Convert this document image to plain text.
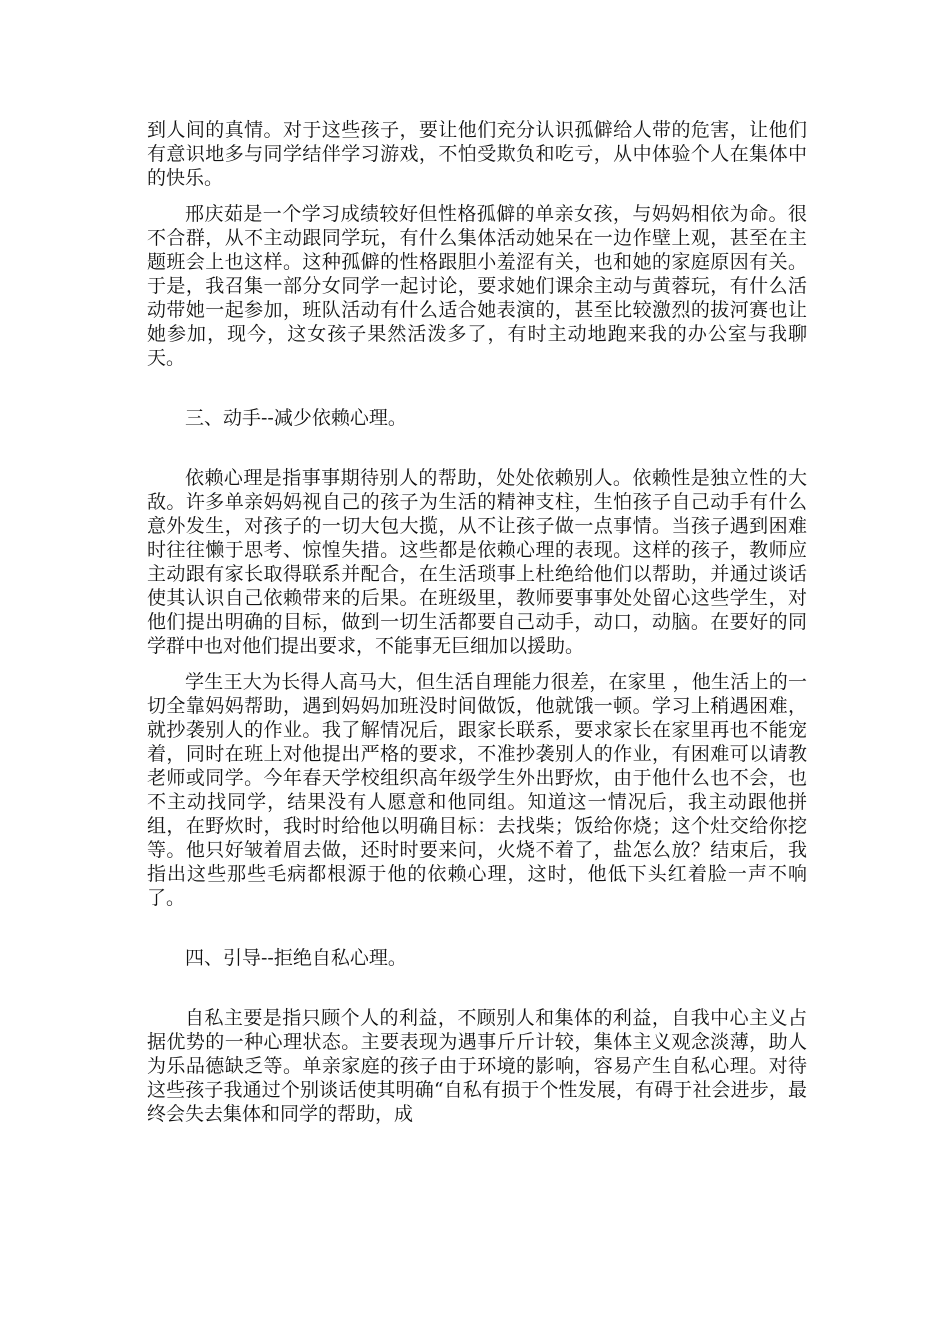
到人间的真情。对于这些孩子，要让他们充分认识孤僻给人带的危害，让他们有意识地多与同学结伴学习游戏，不怕受欺负和吃亏，从中体验个人在集体中的快乐。

邢庆茹是一个学习成绩较好但性格孤僻的单亲女孩，与妈妈相依为命。很不合群，从不主动跟同学玩，有什么集体活动她呆在一边作壁上观，甚至在主题班会上也这样。这种孤僻的性格跟胆小羞涩有关，也和她的家庭原因有关。于是，我召集一部分女同学一起讨论，要求她们课余主动与黄蓉玩，有什么活动带她一起参加，班队活动有什么适合她表演的，甚至比较激烈的拔河赛也让她参加，现今，这女孩子果然活泼多了，有时主动地跑来我的办公室与我聊天。

三、动手--减少依赖心理。

依赖心理是指事事期待别人的帮助，处处依赖别人。依赖性是独立性的大敌。许多单亲妈妈视自己的孩子为生活的精神支柱，生怕孩子自己动手有什么意外发生，对孩子的一切大包大揽，从不让孩子做一点事情。当孩子遇到困难时往往懒于思考、惊惶失措。这些都是依赖心理的表现。这样的孩子，教师应主动跟有家长取得联系并配合，在生活琐事上杜绝给他们以帮助，并通过谈话使其认识自己依赖带来的后果。在班级里，教师要事事处处留心这些学生，对他们提出明确的目标，做到一切生活都要自己动手，动口，动脑。在要好的同学群中也对他们提出要求，不能事无巨细加以援助。

学生王大为长得人高马大，但生活自理能力很差，在家里 ，他生活上的一切全靠妈妈帮助，遇到妈妈加班没时间做饭，他就饿一顿。学习上稍遇困难，就抄袭别人的作业。我了解情况后，跟家长联系，要求家长在家里再也不能宠着，同时在班上对他提出严格的要求，不准抄袭别人的作业，有困难可以请教老师或同学。今年春天学校组织高年级学生外出野炊，由于他什么也不会，也不主动找同学，结果没有人愿意和他同组。知道这一情况后，我主动跟他拼组，在野炊时，我时时给他以明确目标：去找柴；饭给你烧；这个灶交给你挖等。他只好皱着眉去做，还时时要来问，火烧不着了，盐怎么放？结束后，我指出这些那些毛病都根源于他的依赖心理，这时，他低下头红着脸一声不响了。

四、引导--拒绝自私心理。

自私主要是指只顾个人的利益，不顾别人和集体的利益，自我中心主义占据优势的一种心理状态。主要表现为遇事斤斤计较，集体主义观念淡薄，助人为乐品德缺乏等。单亲家庭的孩子由于环境的影响，容易产生自私心理。对待这些孩子我通过个别谈话使其明确“自私有损于个性发展，有碍于社会进步，最终会失去集体和同学的帮助，成
